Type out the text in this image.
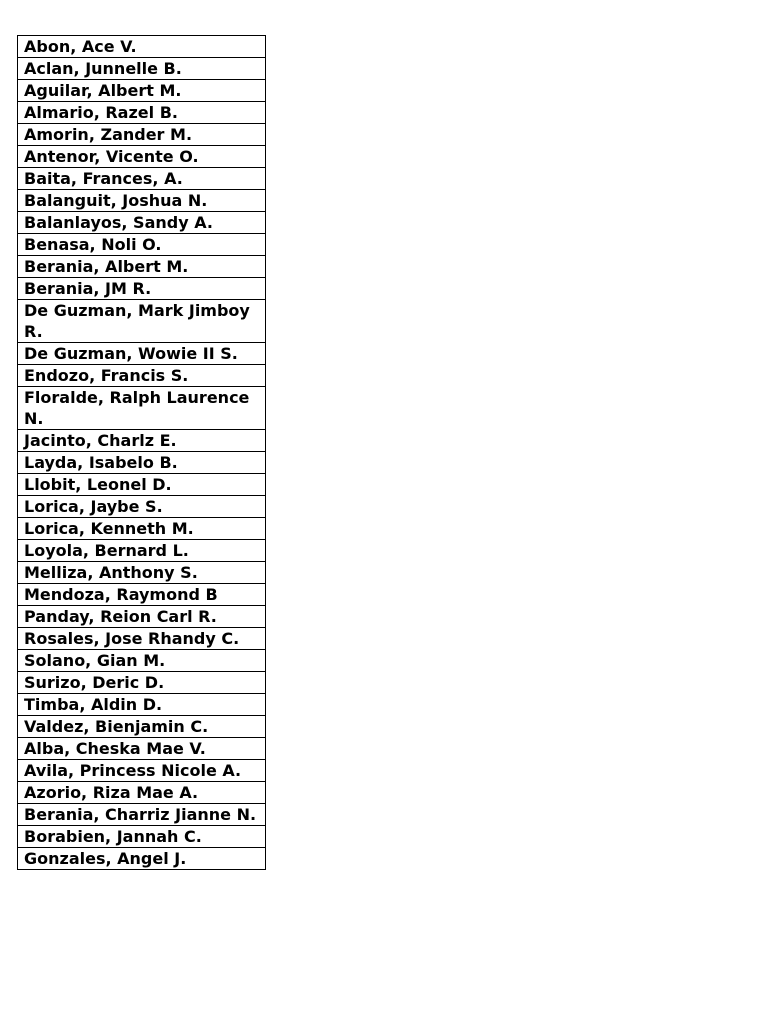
Abon, Ace V.
Aclan, Junnelle B.
Aguilar, Albert M.
Almario, Razel B.
Amorin, Zander M.
Antenor, Vicente O.
Baita, Frances, A.
Balanguit, Joshua N.
Balanlayos, Sandy A.
Benasa, Noli O.
Berania, Albert M.
Berania, JM R.
De Guzman, Mark Jimboy R.
De Guzman, Wowie II S.
Endozo, Francis S.
Floralde, Ralph Laurence N.
Jacinto, Charlz E.
Layda, Isabelo B.
Llobit, Leonel D.
Lorica, Jaybe S.
Lorica, Kenneth M.
Loyola, Bernard L.
Melliza, Anthony S.
Mendoza, Raymond B
Panday, Reion Carl R.
Rosales, Jose Rhandy C.
Solano, Gian M.
Surizo, Deric D.
Timba, Aldin D.
Valdez, Bienjamin C.
Alba, Cheska Mae V.
Avila, Princess Nicole A.
Azorio, Riza Mae A.
Berania, Charriz Jianne N.
Borabien, Jannah C.
Gonzales, Angel J.
